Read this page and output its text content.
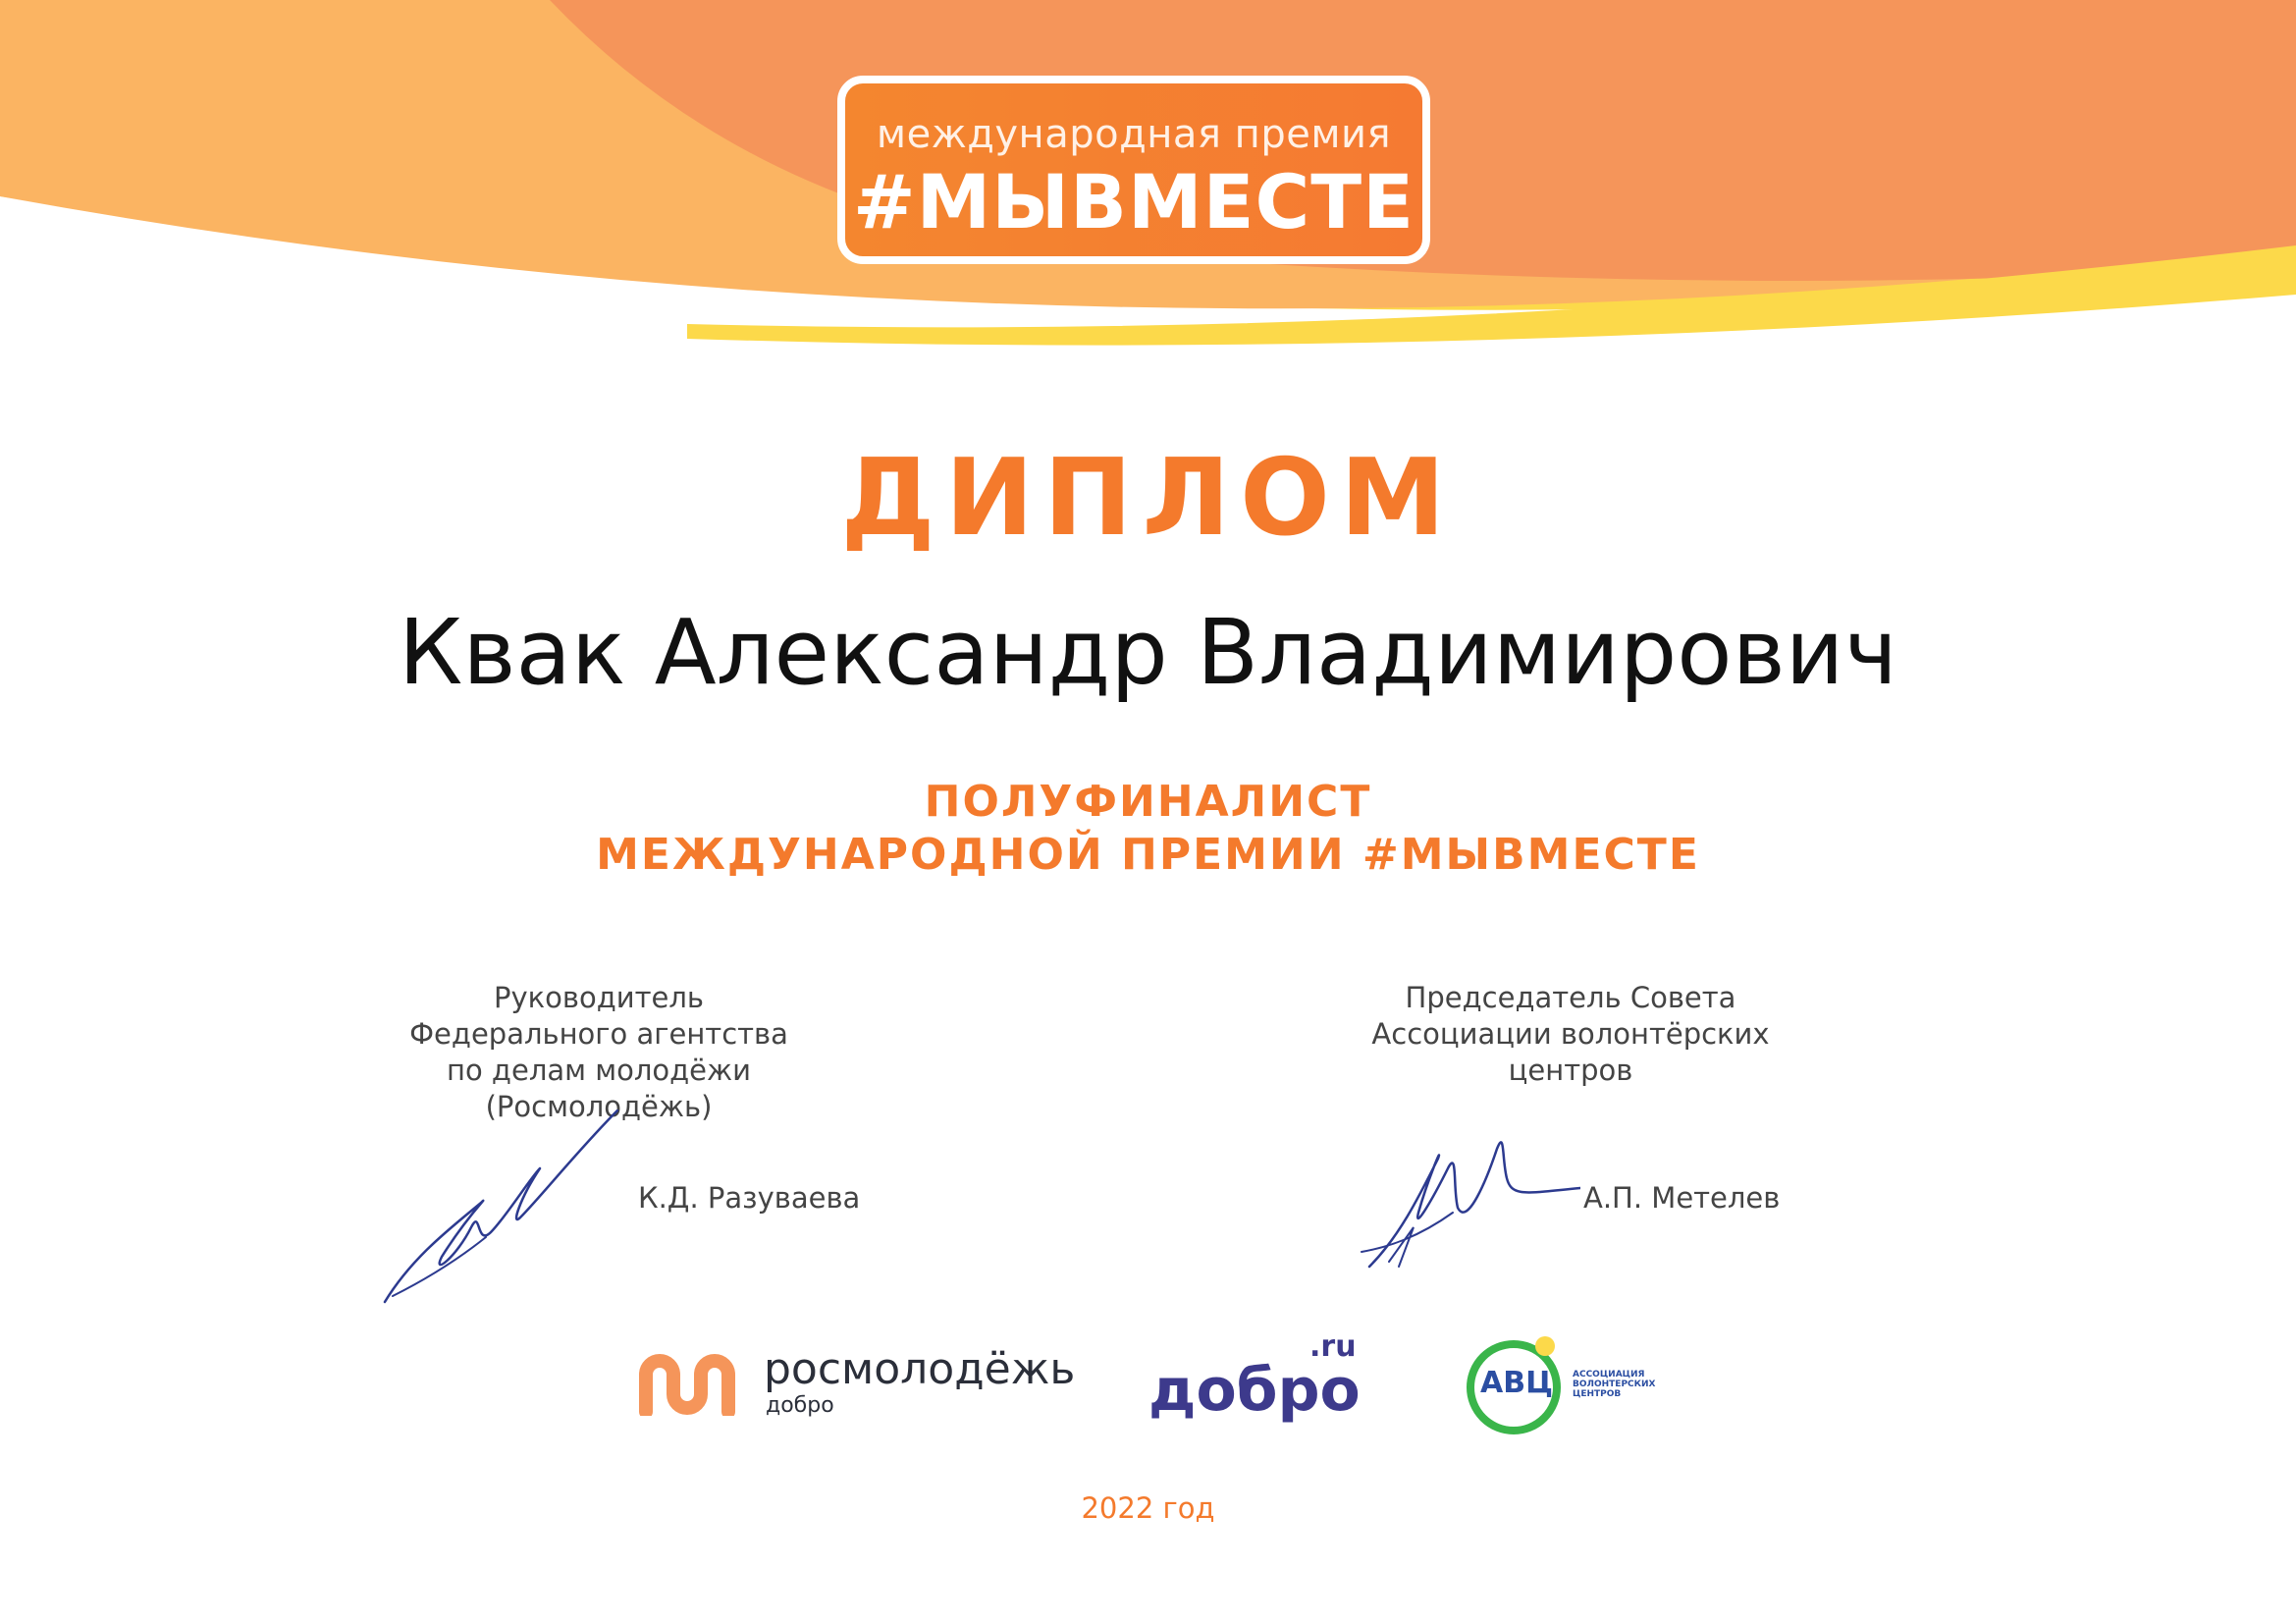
международная премия
#МЫВМЕСТЕ
ДИПЛОМ
Квак Александр Владимирович
ПОЛУФИНАЛИСТ
МЕЖДУНАРОДНОЙ ПРЕМИИ #МЫВМЕСТЕ
Руководитель
Федерального агентства
по делам молодёжи
(Росмолодёжь)
К.Д. Разуваева
Председатель Совета
Ассоциации волонтёрских
центров
А.П. Метелев
росмолодёжь
добро
.ru
добро	АВЦ	АССОЦИАЦИЯ
ВОЛОНТЕРСКИХ
ЦЕНТРОВ
2022 год
